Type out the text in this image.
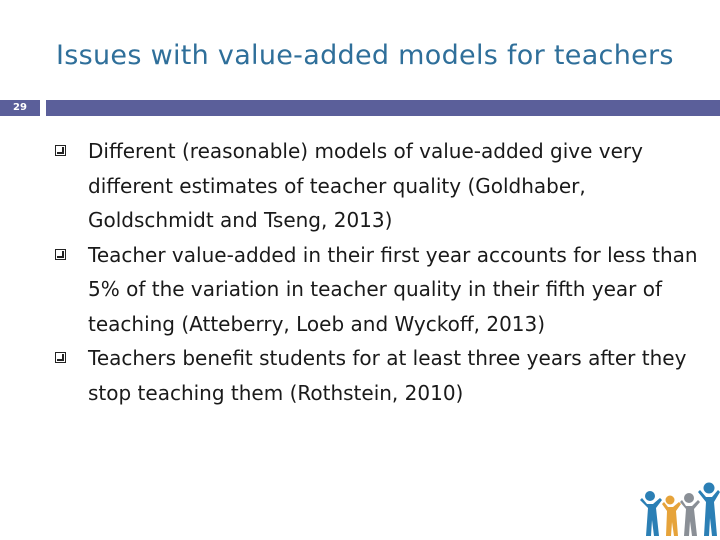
Issues with value-added models for teachers
29
Different (reasonable) models of value-added give very different estimates of teacher quality (Goldhaber, Goldschmidt and Tseng, 2013)
Teacher value-added in their first year accounts for less than 5% of the variation in teacher quality in their fifth year of teaching (Atteberry, Loeb and Wyckoff, 2013)
Teachers benefit students for at least three years after they stop teaching them (Rothstein, 2010)
